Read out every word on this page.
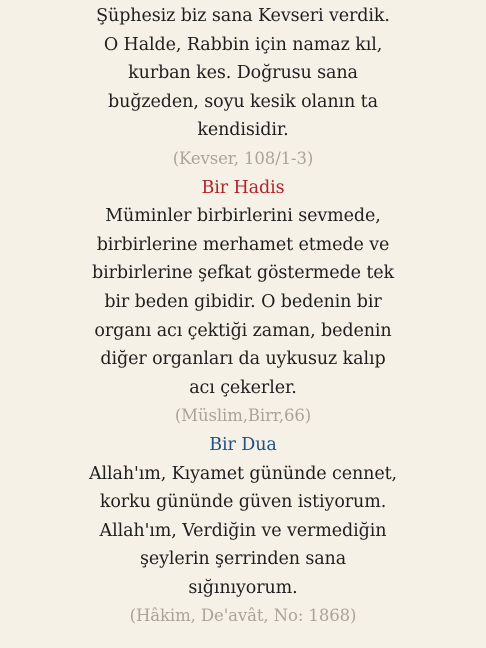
Şüphesiz biz sana Kevseri verdik.
O Halde, Rabbin için namaz kıl,
kurban kes. Doğrusu sana
buğzeden, soyu kesik olanın ta
kendisidir.
(Kevser, 108/1-3)
Bir Hadis
Müminler birbirlerini sevmede,
birbirlerine merhamet etmede ve
birbirlerine şefkat göstermede tek
bir beden gibidir. O bedenin bir
organı acı çektiği zaman, bedenin
diğer organları da uykusuz kalıp
acı çekerler.
(Müslim,Birr,66)
Bir Dua
Allah'ım, Kıyamet gününde cennet,
korku gününde güven istiyorum.
Allah'ım, Verdiğin ve vermediğin
şeylerin şerrinden sana
sığınıyorum.
(Hâkim, De'avât, No: 1868)
